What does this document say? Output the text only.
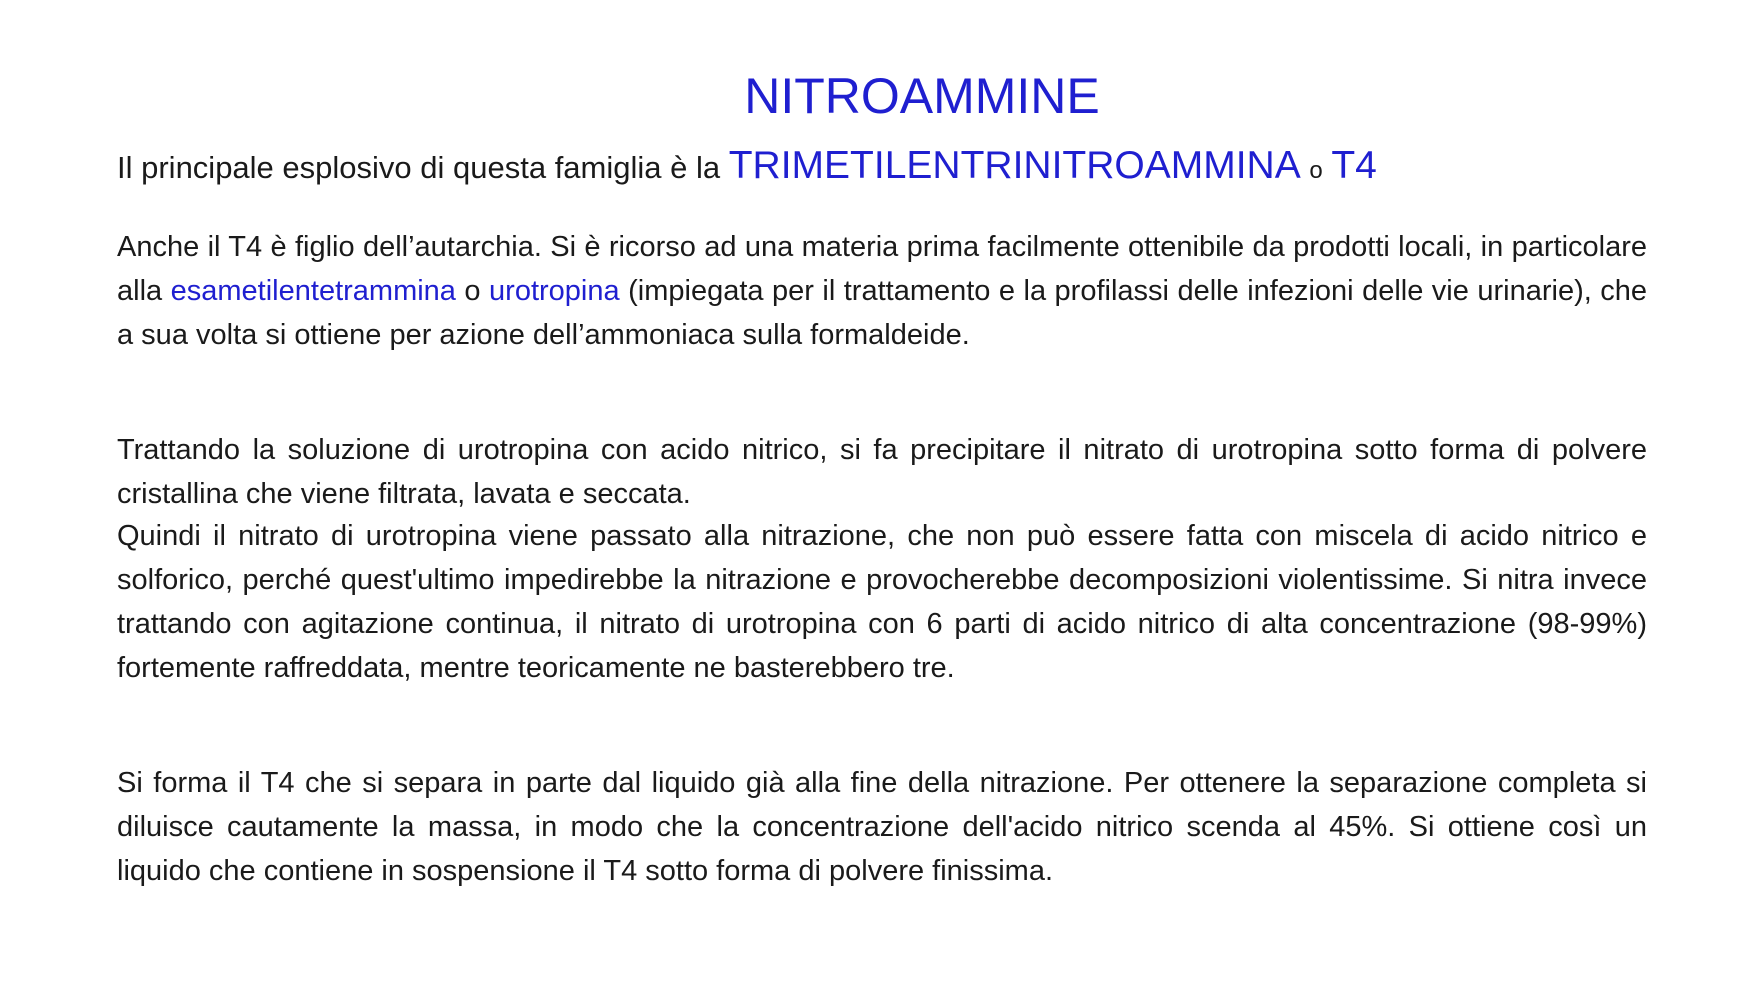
NITROAMMINE
Il principale esplosivo di questa famiglia è la TRIMETILENTRINITROAMMINA o T4

Anche il T4 è figlio dell’autarchia. Si è ricorso ad una materia prima facilmente ottenibile da prodotti locali, in particolare alla esametilentetrammina o urotropina (impiegata per il trattamento e la profilassi delle infezioni delle vie urinarie), che a sua volta si ottiene per azione dell’ammoniaca sulla formaldeide.

Trattando la soluzione di urotropina con acido nitrico, si fa precipitare il nitrato di urotropina sotto forma di polvere cristallina che viene filtrata, lavata e seccata.

Quindi il nitrato di urotropina viene passato alla nitrazione, che non può essere fatta con miscela di acido nitrico e solforico, perché quest'ultimo impedirebbe la nitrazione e provocherebbe decomposizioni violentissime. Si nitra invece trattando con agitazione continua, il nitrato di urotropina con 6 parti di acido nitrico di alta concentrazione (98-99%) fortemente raffreddata, mentre teoricamente ne basterebbero tre.

Si forma il T4 che si separa in parte dal liquido già alla fine della nitrazione. Per ottenere la separazione completa si diluisce cautamente la massa, in modo che la concentrazione dell'acido nitrico scenda al 45%. Si ottiene così un liquido che contiene in sospensione il T4 sotto forma di polvere finissima.
